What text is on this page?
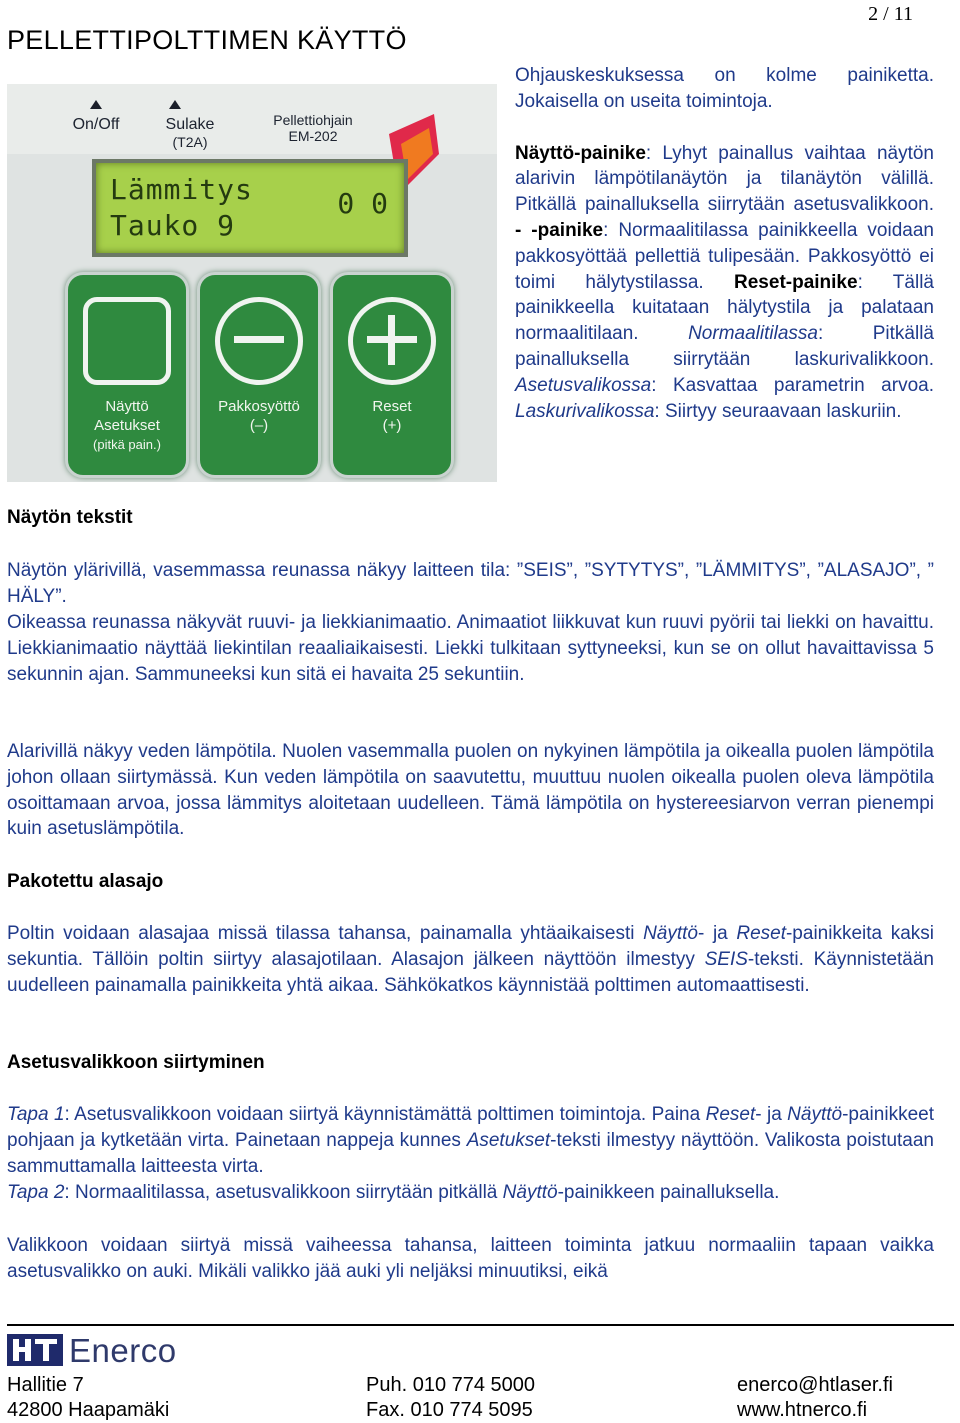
2 / 11
PELLETTIPOLTTIMEN KÄYTTÖ
On/Off	Sulake
(T2A)
Pellettiohjain
EM-202
Lämmitys
Tauko 9
0 0
Näyttö
Asetukset
(pitkä pain.)
Pakkosyöttö
(–)
Reset
(+)
Näytön tekstit
Ohjauskeskuksessa on kolme painiketta. Jokaisella on useita toimintoja.
Näyttö-painike: Lyhyt painallus vaihtaa näytön alarivin lämpötilanäytön ja tilanäytön välillä. Pitkällä painalluksella siirrytään asetusvalikkoon. - -painike: Normaalitilassa painikkeella voidaan pakkosyöttää pellettiä tulipesään. Pakkosyöttö ei toimi hälytystilassa. Reset-painike: Tällä painikkeella kuitataan hälytystila ja palataan normaalitilaan. Normaalitilassa: Pitkällä painalluksella siirrytään laskurivalikkoon. Asetusvalikossa: Kasvattaa parametrin arvoa. Laskurivalikossa: Siirtyy seuraavaan laskuriin.
Näytön ylärivillä, vasemmassa reunassa näkyy laitteen tila: ”SEIS”, ”SYTYTYS”, ”LÄMMITYS”, ”ALASAJO”, ” HÄLY”.
Oikeassa reunassa näkyvät ruuvi- ja liekkianimaatio. Animaatiot liikkuvat kun ruuvi pyörii tai liekki on havaittu. Liekkianimaatio näyttää liekintilan reaaliaikaisesti. Liekki tulkitaan syttyneeksi, kun se on ollut havaittavissa 5 sekunnin ajan. Sammuneeksi kun sitä ei havaita 25 sekuntiin.
Alarivillä näkyy veden lämpötila. Nuolen vasemmalla puolen on nykyinen lämpötila ja oikealla puolen lämpötila johon ollaan siirtymässä. Kun veden lämpötila on saavutettu, muuttuu nuolen oikealla puolen oleva lämpötila osoittamaan arvoa, jossa lämmitys aloitetaan uudelleen. Tämä lämpötila on hystereesiarvon verran pienempi kuin asetuslämpötila.
Pakotettu alasajo
Poltin voidaan alasajaa missä tilassa tahansa, painamalla yhtäaikaisesti Näyttö- ja Reset-painikkeita kaksi sekuntia. Tällöin poltin siirtyy alasajotilaan. Alasajon jälkeen näyttöön ilmestyy SEIS-teksti. Käynnistetään uudelleen painamalla painikkeita yhtä aikaa. Sähkökatkos käynnistää polttimen automaattisesti.
Asetusvalikkoon siirtyminen
Tapa 1: Asetusvalikkoon voidaan siirtyä käynnistämättä polttimen toimintoja. Paina Reset- ja Näyttö-painikkeet pohjaan ja kytketään virta. Painetaan nappeja kunnes Asetukset-teksti ilmestyy näyttöön. Valikosta poistutaan sammuttamalla laitteesta virta.
Tapa 2: Normaalitilassa, asetusvalikkoon siirrytään pitkällä Näyttö-painikkeen painalluksella.
Valikkoon voidaan siirtyä missä vaiheessa tahansa, laitteen toiminta jatkuu normaaliin tapaan vaikka asetusvalikko on auki. Mikäli valikko jää auki yli neljäksi minuutiksi, eikä
Enerco
Hallitie 7
42800 Haapamäki
Puh. 010 774 5000
Fax. 010 774 5095
enerco@htlaser.fi
www.htnerco.fi
